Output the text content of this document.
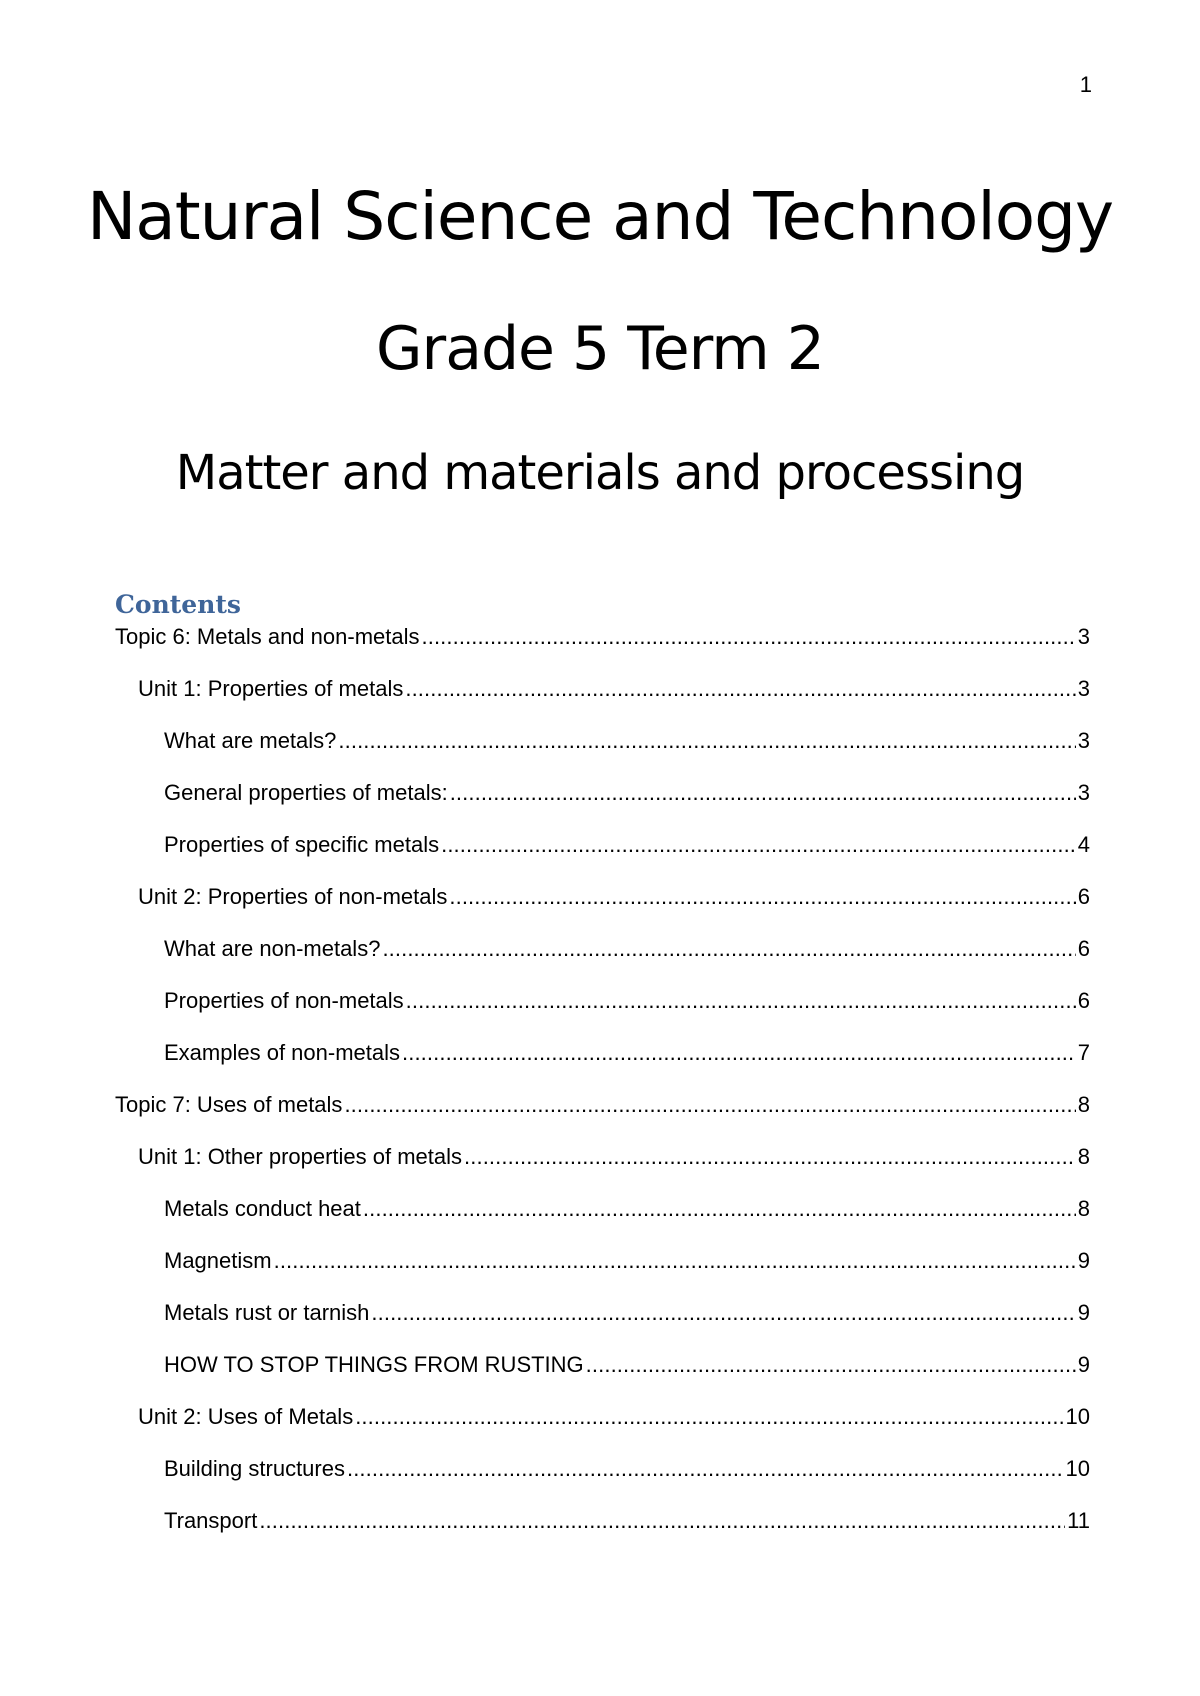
1
Natural Science and Technology
Grade 5 Term 2
Matter and materials and processing
Contents
Topic 6: Metals and non-metals . . .	3
Unit 1: Properties of metals . . .	3
What are metals? . . .	3
General properties of metals: . . .	3
Properties of specific metals . . .	4
Unit 2: Properties of non-metals . . .	6
What are non-metals? . . .	6
Properties of non-metals . . .	6
Examples of non-metals . . .	7
Topic 7: Uses of metals . . .	8
Unit 1: Other properties of metals . . .	8
Metals conduct heat . . .	8
Magnetism . . .	9
Metals rust or tarnish . . .	9
HOW TO STOP THINGS FROM RUSTING . . .	9
Unit 2: Uses of Metals . . .	10
Building structures . . .	10
Transport . . .	11
